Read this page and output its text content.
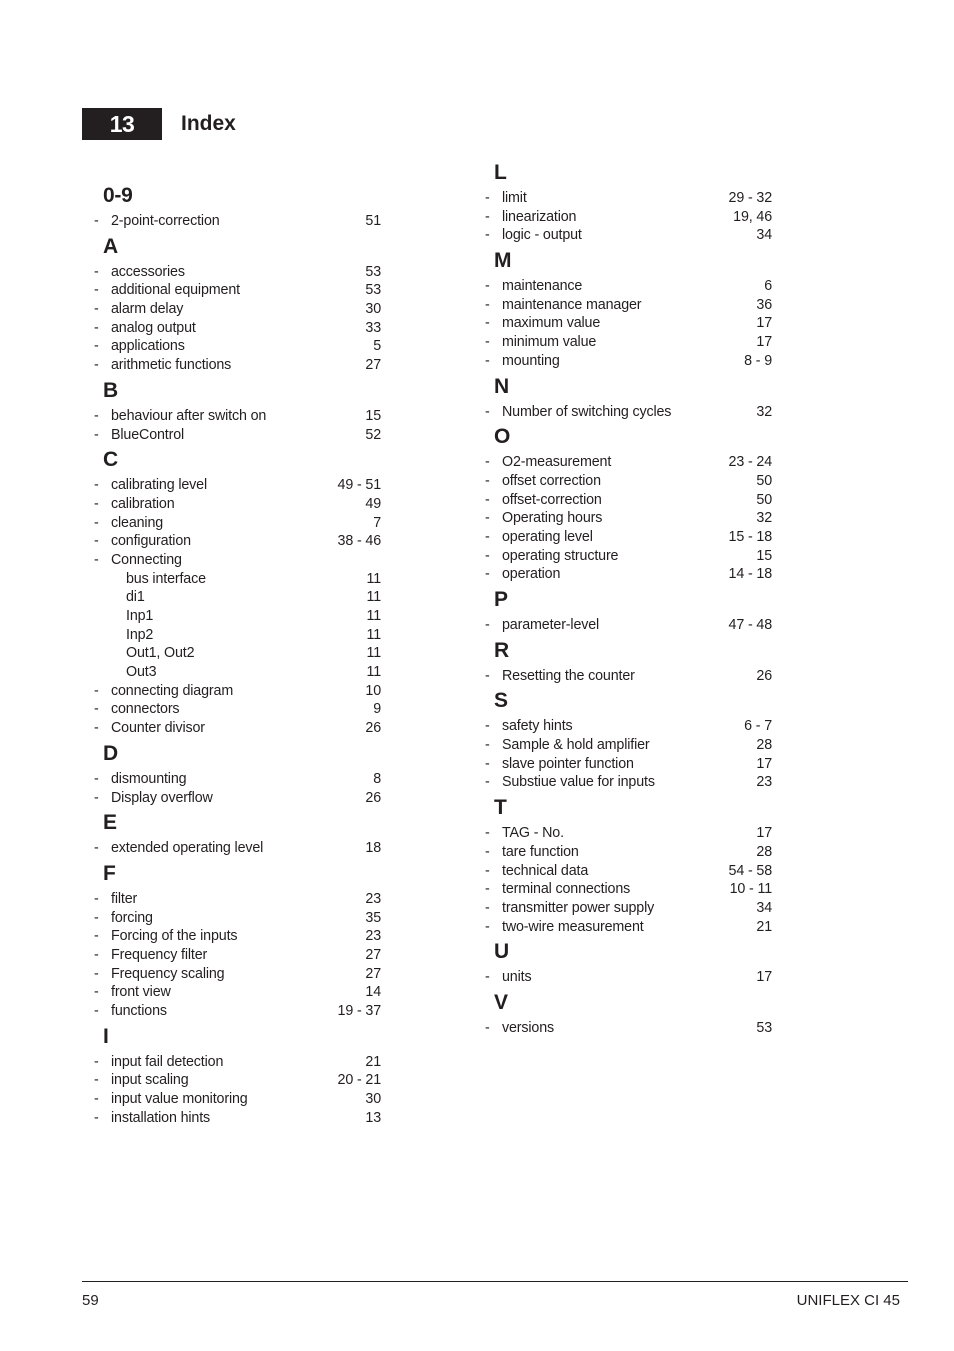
13	Index
0-9
- 2-point-correction	51
A
- accessories	53
- additional equipment	53
- alarm delay	30
- analog output	33
- applications	5
- arithmetic functions	27
B
- behaviour after switch on	15
- BlueControl	52
C
- calibrating level	49 - 51
- calibration	49
- cleaning	7
- configuration	38 - 46
- Connecting
bus interface	11
di1	11
Inp1	11
Inp2	11
Out1, Out2	11
Out3	11
- connecting diagram	10
- connectors	9
- Counter divisor	26
D
- dismounting	8
- Display overflow	26
E
- extended operating level	18
F
- filter	23
- forcing	35
- Forcing of the inputs	23
- Frequency filter	27
- Frequency scaling	27
- front view	14
- functions	19 - 37
I
- input fail detection	21
- input scaling	20 - 21
- input value monitoring	30
- installation hints	13
L
- limit	29 - 32
- linearization	19, 46
- logic - output	34
M
- maintenance	6
- maintenance manager	36
- maximum value	17
- minimum value	17
- mounting	8 - 9
N
- Number of switching cycles	32
O
- O2-measurement	23 - 24
- offset correction	50
- offset-correction	50
- Operating hours	32
- operating level	15 - 18
- operating structure	15
- operation	14 - 18
P
- parameter-level	47 - 48
R
- Resetting the counter	26
S
- safety hints	6 - 7
- Sample & hold amplifier	28
- slave pointer function	17
- Substiue value for inputs	23
T
- TAG - No.	17
- tare function	28
- technical data	54 - 58
- terminal connections	10 - 11
- transmitter power supply	34
- two-wire measurement	21
U
- units	17
V
- versions	53
59	UNIFLEX CI 45
